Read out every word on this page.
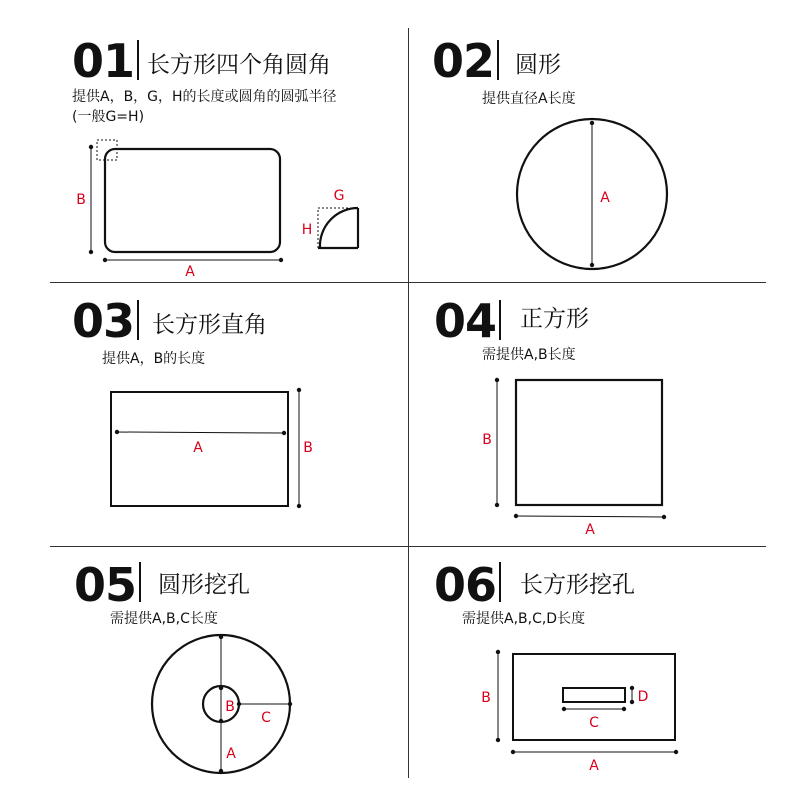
01 长方形四个角圆角
提供A，B，G，H的长度或圆角的圆弧半径
(一般G=H)
02 圆形
提供直径A长度
03 长方形直角
提供A，B的长度
04 正方形
需提供A,B长度
05 圆形挖孔
需提供A,B,C长度
06 长方形挖孔
需提供A,B,C,D长度
B
A
G
H
A
A	B	B
A
B
C
A
B	D
C
A
